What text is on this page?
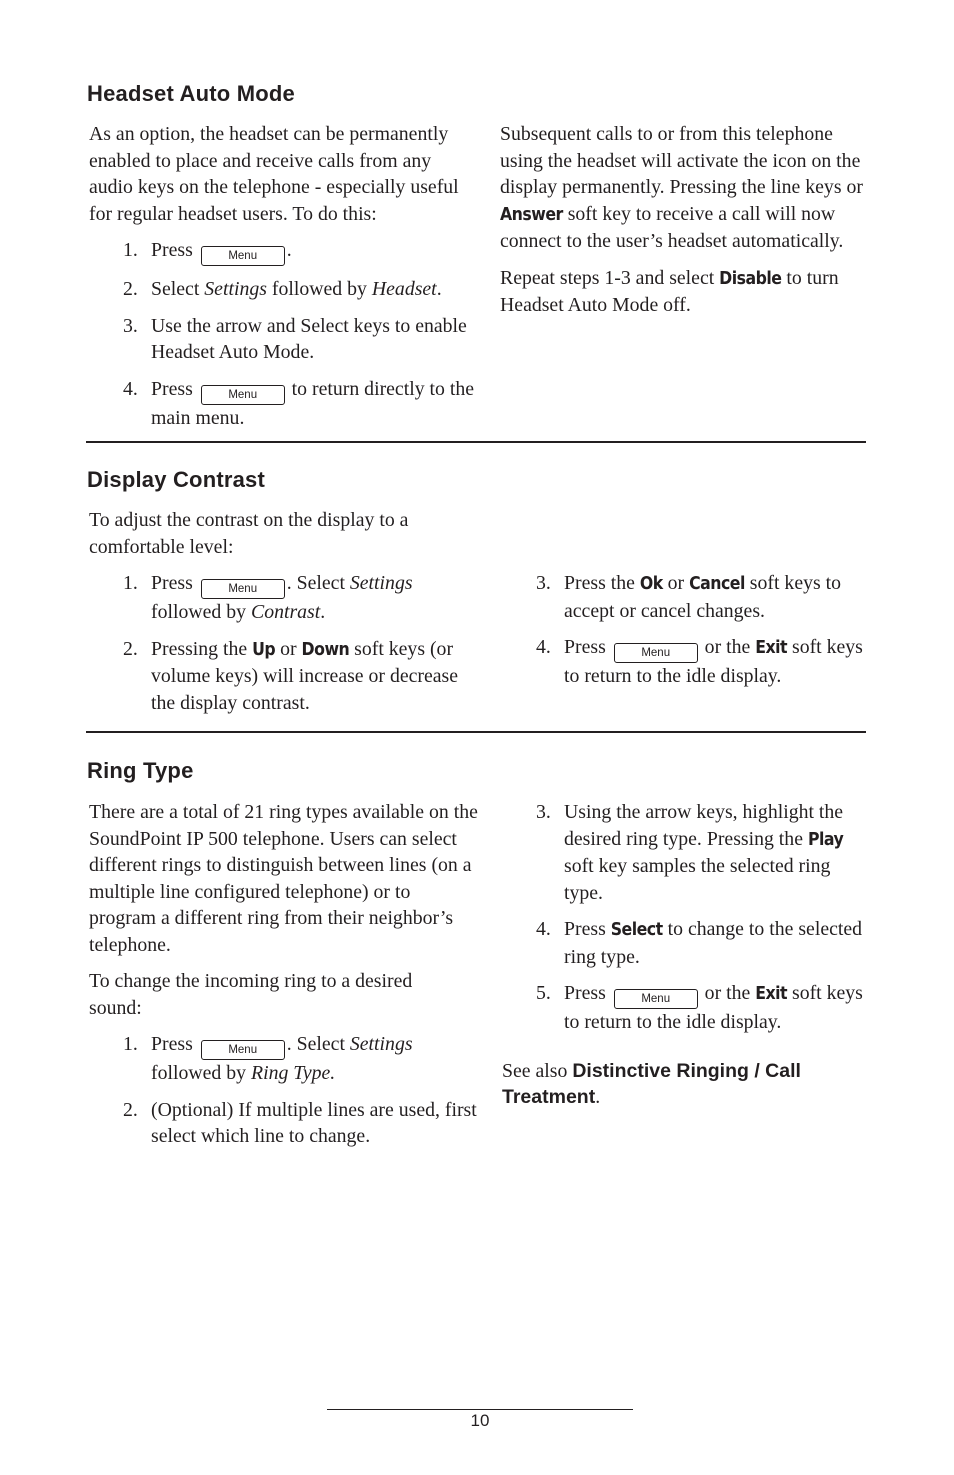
Headset Auto Mode

As an option, the headset can be permanently enabled to place and receive calls from any audio keys on the telephone - especially useful for regular headset users. To do this:

1. Press	Menu .
2. Select Settings followed by Headset.
3. Use the arrow and Select keys to enable Headset Auto Mode.
4. Press	Menu to return directly to the main menu.

Subsequent calls to or from this telephone using the headset will activate the icon on the display permanently. Pressing the line keys or Answer soft key to receive a call will now connect to the user’s headset automatically.

Repeat steps 1-3 and select Disable to turn Headset Auto Mode off.

Display Contrast

To adjust the contrast on the display to a comfortable level:

1. Press	Menu . Select Settings followed by Contrast.
2. Pressing the Up or Down soft keys (or volume keys) will increase or decrease the display contrast.
3. Press the Ok or Cancel soft keys to accept or cancel changes.
4. Press	Menu or the Exit soft keys to return to the idle display.
Ring Type

There are a total of 21 ring types available on the SoundPoint IP 500 telephone. Users can select different rings to distinguish between lines (on a multiple line configured telephone) or to program a different ring from their neighbor’s telephone.

To change the incoming ring to a desired sound:

1. Press	Menu . Select Settings followed by Ring Type.
2. (Optional) If multiple lines are used, first select which line to change.
3. Using the arrow keys, highlight the desired ring type. Pressing the Play soft key samples the selected ring type.
4. Press Select to change to the selected ring type.
5. Press	Menu or the Exit soft keys to return to the idle display.

See also Distinctive Ringing / Call Treatment.

10
